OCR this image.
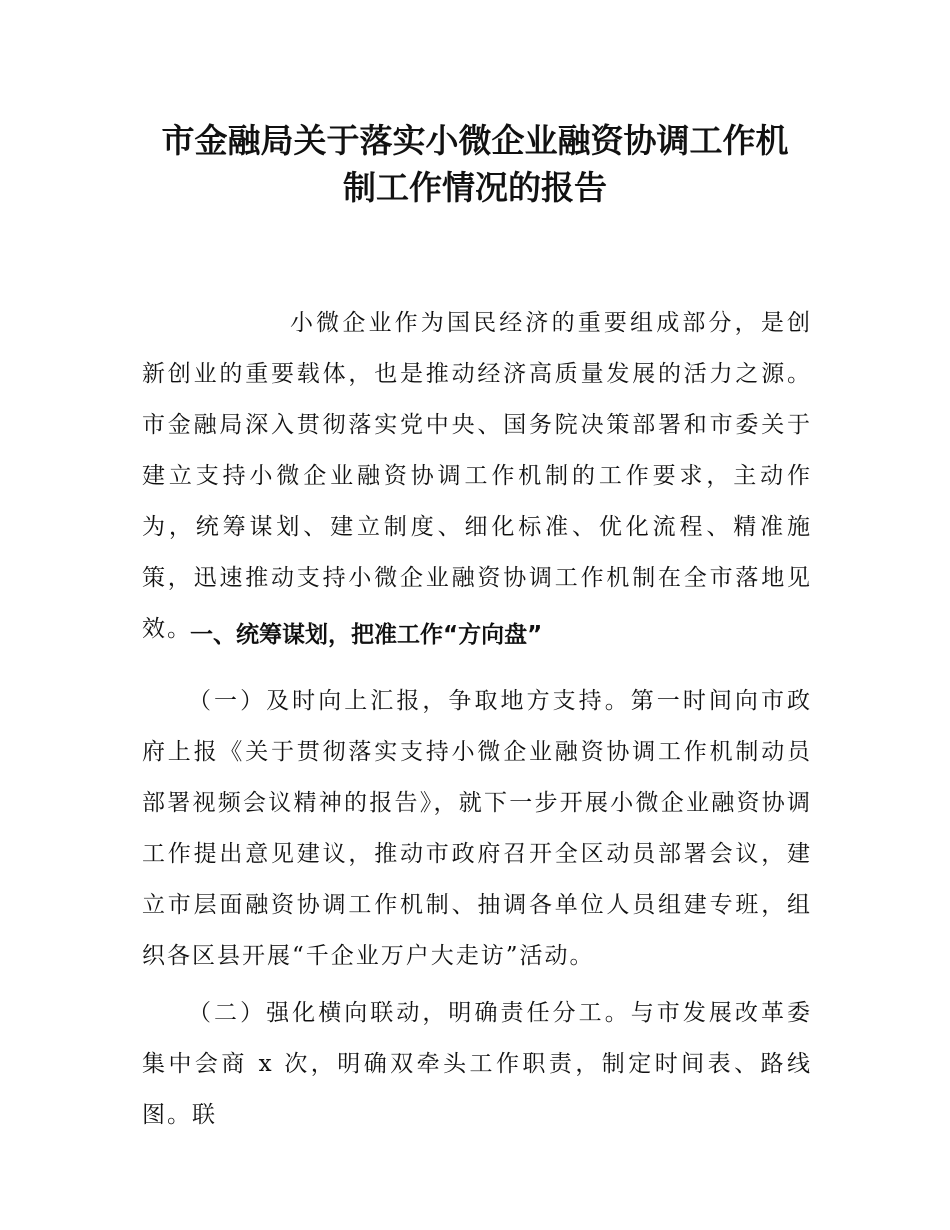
市金融局关于落实小微企业融资协调工作机
制工作情况的报告

小微企业作为国民经济的重要组成部分，是创新创业的重要载体，也是推动经济高质量发展的活力之源。市金融局深入贯彻落实党中央、国务院决策部署和市委关于建立支持小微企业融资协调工作机制的工作要求，主动作为，统筹谋划、建立制度、细化标准、优化流程、精准施策，迅速推动支持小微企业融资协调工作机制在全市落地见效。

一、统筹谋划，把准工作“方向盘”

（一）及时向上汇报，争取地方支持。第一时间向市政府上报《关于贯彻落实支持小微企业融资协调工作机制动员部署视频会议精神的报告》，就下一步开展小微企业融资协调工作提出意见建议，推动市政府召开全区动员部署会议，建立市层面融资协调工作机制、抽调各单位人员组建专班，组织各区县开展“千企业万户大走访”活动。

（二）强化横向联动，明确责任分工。与市发展改革委集中会商 x 次，明确双牵头工作职责，制定时间表、路线图。联
